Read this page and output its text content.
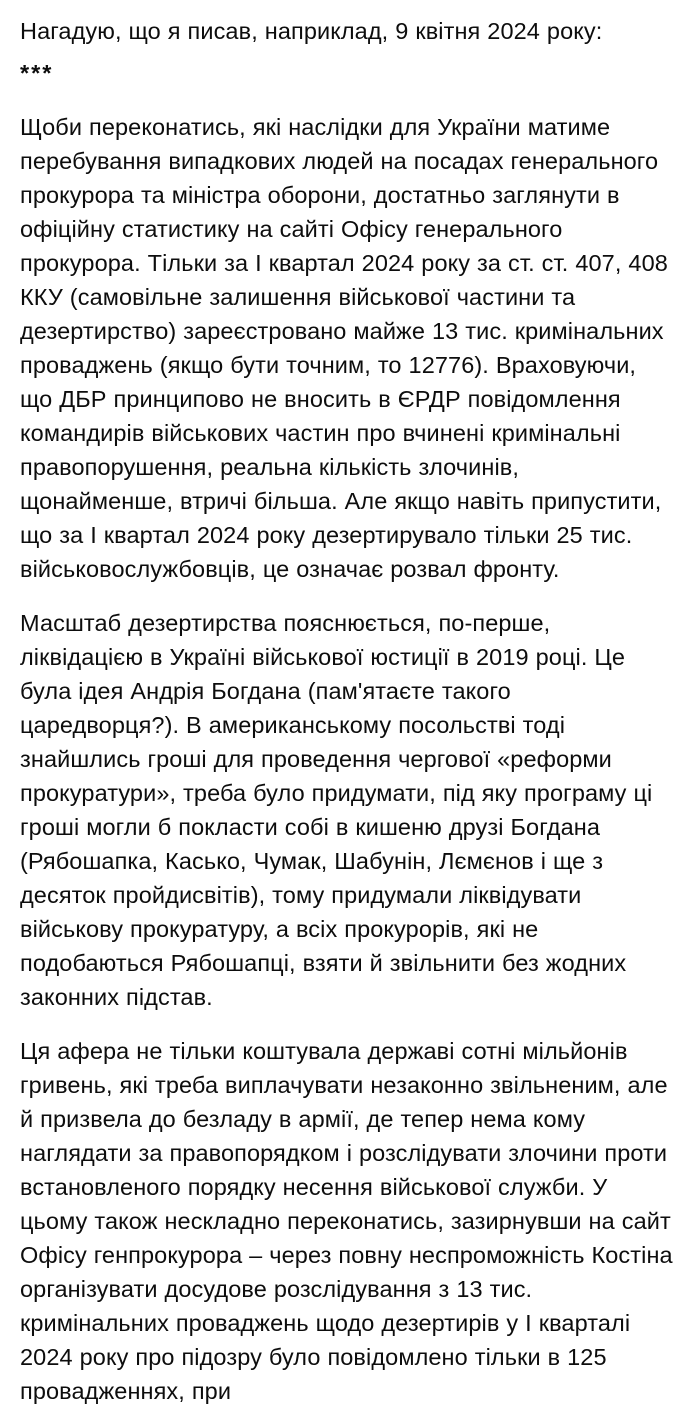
Нагадую, що я писав, наприклад, 9 квітня 2024 року:

***

Щоби переконатись, які наслідки для України матиме перебування випадкових людей на посадах генерального прокурора та міністра оборони, достатньо заглянути в офіційну статистику на сайті Офісу генерального прокурора. Тільки за I квартал 2024 року за ст. ст. 407, 408 ККУ (самовільне залишення військової частини та дезертирство) зареєстровано майже 13 тис. кримінальних проваджень (якщо бути точним, то 12776). Враховуючи, що ДБР принципово не вносить в ЄРДР повідомлення командирів військових частин про вчинені кримінальні правопорушення, реальна кількість злочинів, щонайменше, втричі більша. Але якщо навіть припустити, що за I квартал 2024 року дезертирувало тільки 25 тис. військовослужбовців, це означає розвал фронту.

Масштаб дезертирства пояснюється, по-перше, ліквідацією в Україні військової юстиції в 2019 році. Це була ідея Андрія Богдана (пам'ятаєте такого царедворця?). В американському посольстві тоді знайшлись гроші для проведення чергової «реформи прокуратури», треба було придумати, під яку програму ці гроші могли б покласти собі в кишеню друзі Богдана (Рябошапка, Касько, Чумак, Шабунін, Лємєнов і ще з десяток пройдисвітів), тому придумали ліквідувати військову прокуратуру, а всіх прокурорів, які не подобаються Рябошапці, взяти й звільнити без жодних законних підстав.

Ця афера не тільки коштувала державі сотні мільйонів гривень, які треба виплачувати незаконно звільненим, але й призвела до безладу в армії, де тепер нема кому наглядати за правопорядком і розслідувати злочини проти встановленого порядку несення військової служби. У цьому також нескладно переконатись, зазирнувши на сайт Офісу генпрокурора – через повну неспроможність Костіна організувати досудове розслідування з 13 тис. кримінальних проваджень щодо дезертирів у I кварталі 2024 року про підозру було повідомлено тільки в 125 провадженнях, при
